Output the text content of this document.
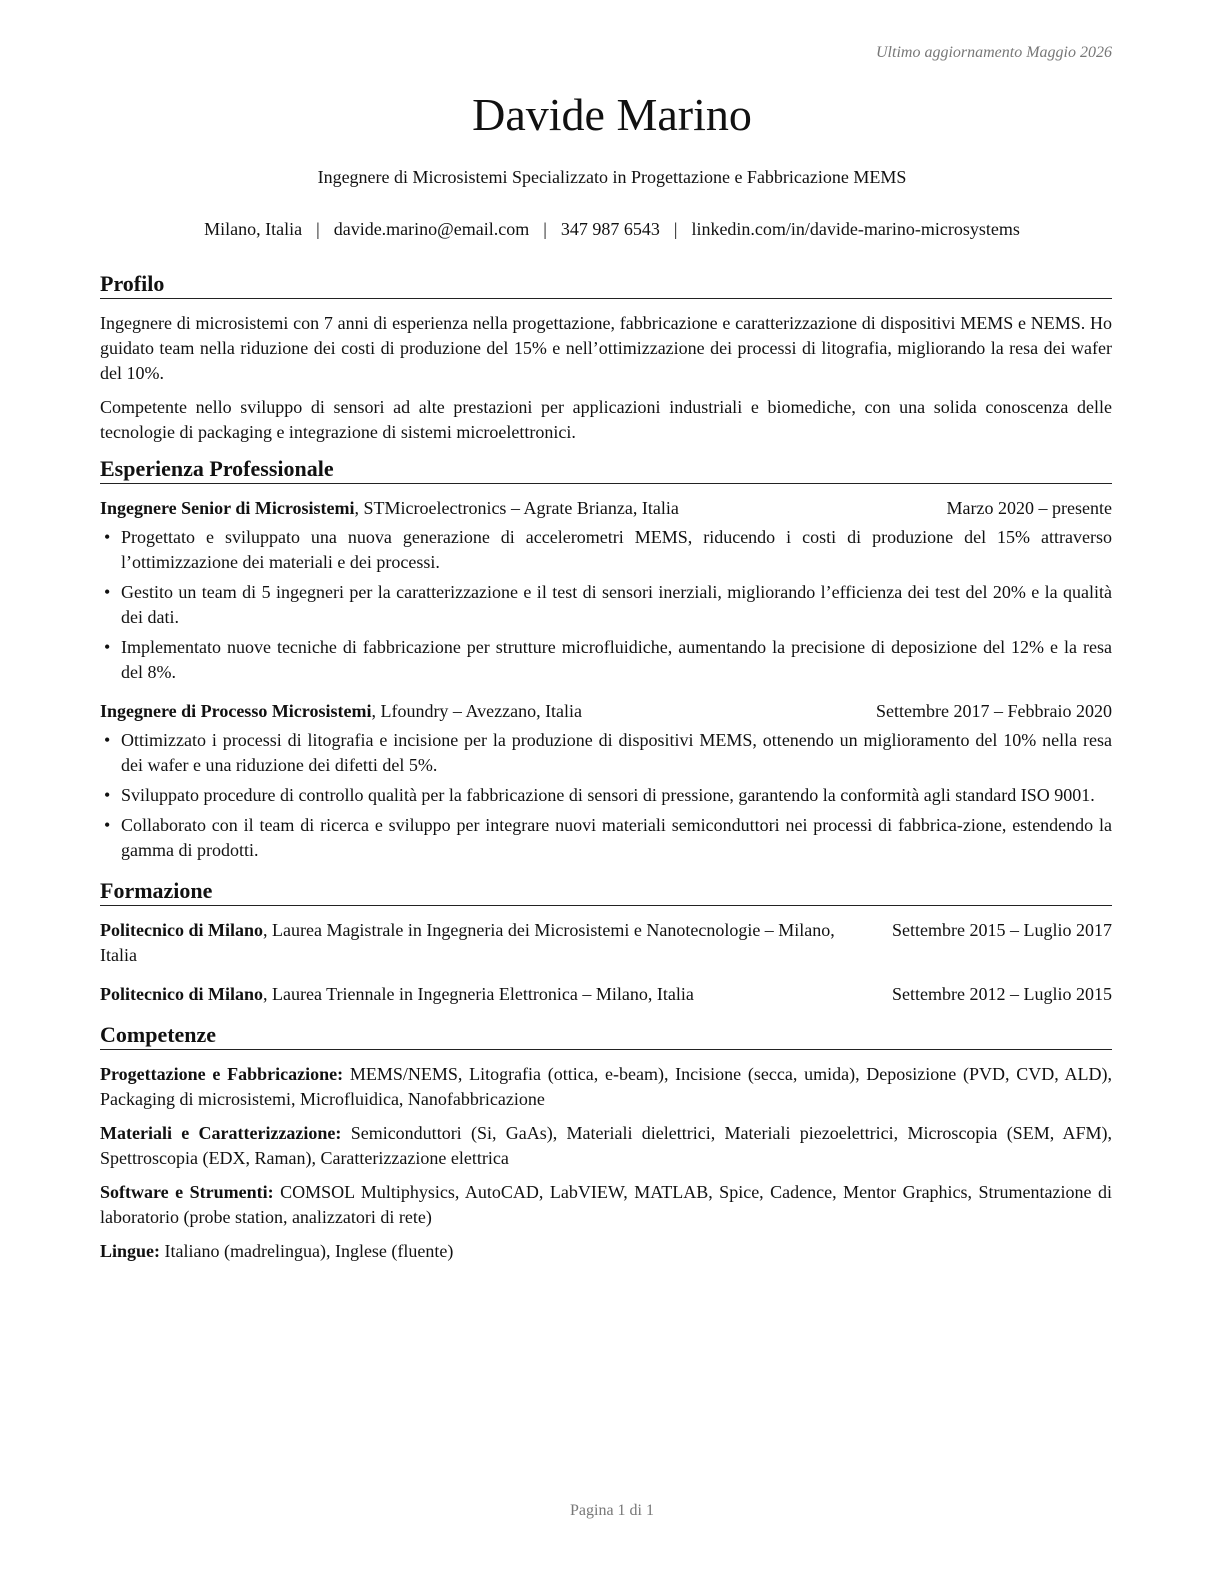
Ultimo aggiornamento Maggio 2026
Davide Marino
Ingegnere di Microsistemi Specializzato in Progettazione e Fabbricazione MEMS
Milano, Italia | davide.marino@email.com | 347 987 6543 | linkedin.com/in/davide-marino-microsystems
Profilo

Ingegnere di microsistemi con 7 anni di esperienza nella progettazione, fabbricazione e caratterizzazione di dispositivi MEMS e NEMS. Ho guidato team nella riduzione dei costi di produzione del 15% e nell’ottimizzazione dei processi di litografia, migliorando la resa dei wafer del 10%.

Competente nello sviluppo di sensori ad alte prestazioni per applicazioni industriali e biomediche, con una solida conoscenza delle tecnologie di packaging e integrazione di sistemi microelettronici.

Esperienza Professionale
Ingegnere Senior di Microsistemi, STMicroelectronics – Agrate Brianza, Italia	Marzo 2020 – presente
• Progettato e sviluppato una nuova generazione di accelerometri MEMS, riducendo i costi di produzione del 15% attraverso l’ottimizzazione dei materiali e dei processi.
• Gestito un team di 5 ingegneri per la caratterizzazione e il test di sensori inerziali, migliorando l’efficienza dei test del 20% e la qualità dei dati.
• Implementato nuove tecniche di fabbricazione per strutture microfluidiche, aumentando la precisione di deposizione del 12% e la resa del 8%.
Ingegnere di Processo Microsistemi, Lfoundry – Avezzano, Italia	Settembre 2017 – Febbraio 2020
• Ottimizzato i processi di litografia e incisione per la produzione di dispositivi MEMS, ottenendo un miglioramento del 10% nella resa dei wafer e una riduzione dei difetti del 5%.
• Sviluppato procedure di controllo qualità per la fabbricazione di sensori di pressione, garantendo la conformità agli standard ISO 9001.
• Collaborato con il team di ricerca e sviluppo per integrare nuovi materiali semiconduttori nei processi di fabbrica-zione, estendendo la gamma di prodotti.
Formazione
Politecnico di Milano, Laurea Magistrale in Ingegneria dei Microsistemi e Nanotecnologie – Milano, Italia
Settembre 2015 – Luglio 2017
Politecnico di Milano, Laurea Triennale in Ingegneria Elettronica – Milano, Italia	Settembre 2012 – Luglio 2015
Competenze
Progettazione e Fabbricazione: MEMS/NEMS, Litografia (ottica, e-beam), Incisione (secca, umida), Deposizione (PVD, CVD, ALD), Packaging di microsistemi, Microfluidica, Nanofabbricazione
Materiali e Caratterizzazione: Semiconduttori (Si, GaAs), Materiali dielettrici, Materiali piezoelettrici, Microscopia (SEM, AFM), Spettroscopia (EDX, Raman), Caratterizzazione elettrica
Software e Strumenti: COMSOL Multiphysics, AutoCAD, LabVIEW, MATLAB, Spice, Cadence, Mentor Graphics, Strumentazione di laboratorio (probe station, analizzatori di rete)
Lingue: Italiano (madrelingua), Inglese (fluente)
Pagina 1 di 1
